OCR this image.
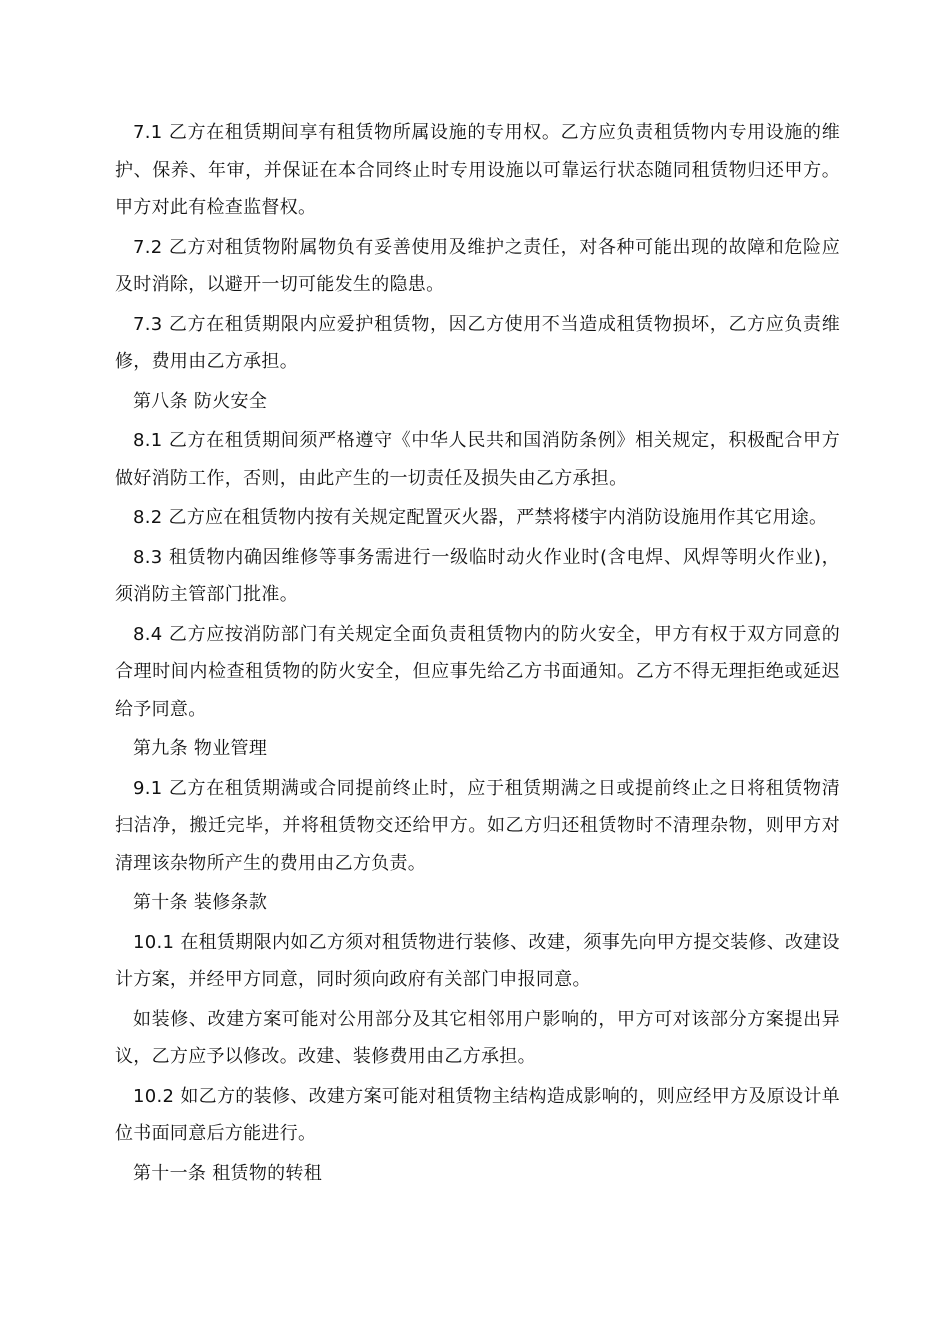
7.1 乙方在租赁期间享有租赁物所属设施的专用权。乙方应负责租赁物内专用设施的维护、保养、年审，并保证在本合同终止时专用设施以可靠运行状态随同租赁物归还甲方。甲方对此有检查监督权。

7.2 乙方对租赁物附属物负有妥善使用及维护之责任，对各种可能出现的故障和危险应及时消除，以避开一切可能发生的隐患。

7.3 乙方在租赁期限内应爱护租赁物，因乙方使用不当造成租赁物损坏，乙方应负责维修，费用由乙方承担。

第八条 防火安全

8.1 乙方在租赁期间须严格遵守《中华人民共和国消防条例》相关规定，积极配合甲方做好消防工作，否则，由此产生的一切责任及损失由乙方承担。

8.2 乙方应在租赁物内按有关规定配置灭火器，严禁将楼宇内消防设施用作其它用途。

8.3 租赁物内确因维修等事务需进行一级临时动火作业时(含电焊、风焊等明火作业)，须消防主管部门批准。

8.4 乙方应按消防部门有关规定全面负责租赁物内的防火安全，甲方有权于双方同意的合理时间内检查租赁物的防火安全，但应事先给乙方书面通知。乙方不得无理拒绝或延迟给予同意。

第九条 物业管理

9.1 乙方在租赁期满或合同提前终止时，应于租赁期满之日或提前终止之日将租赁物清扫洁净，搬迁完毕，并将租赁物交还给甲方。如乙方归还租赁物时不清理杂物，则甲方对清理该杂物所产生的费用由乙方负责。

第十条 装修条款

10.1 在租赁期限内如乙方须对租赁物进行装修、改建，须事先向甲方提交装修、改建设计方案，并经甲方同意，同时须向政府有关部门申报同意。

如装修、改建方案可能对公用部分及其它相邻用户影响的，甲方可对该部分方案提出异议，乙方应予以修改。改建、装修费用由乙方承担。

10.2 如乙方的装修、改建方案可能对租赁物主结构造成影响的，则应经甲方及原设计单位书面同意后方能进行。

第十一条 租赁物的转租
